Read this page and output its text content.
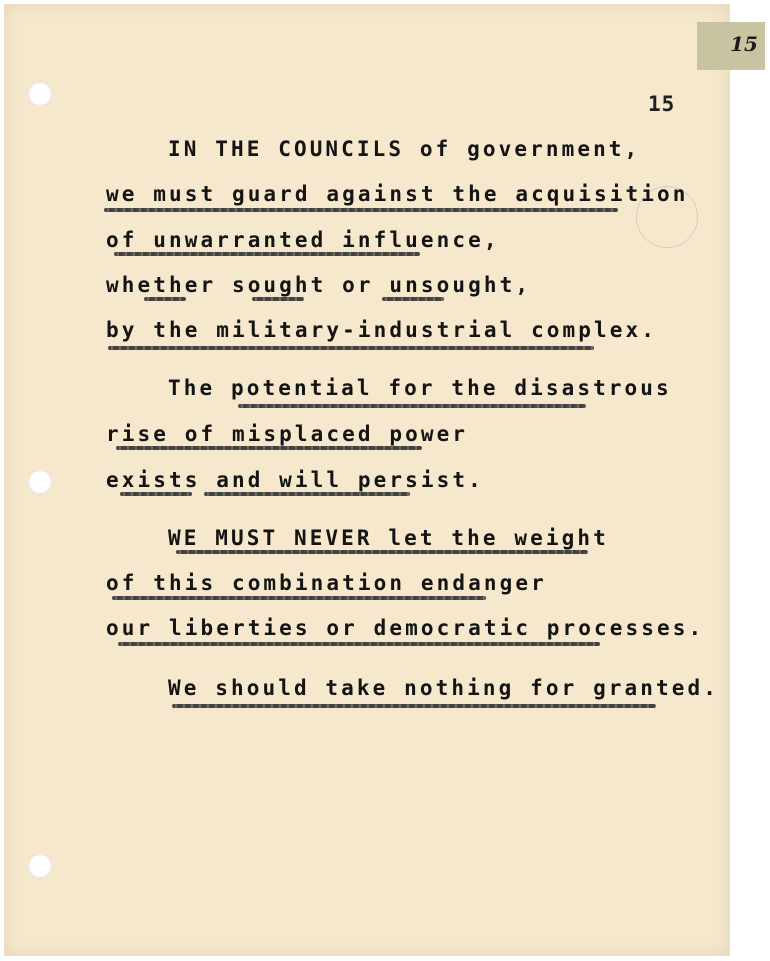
15
IN THE COUNCILS of government,
we must guard against the acquisition
of unwarranted influence,
whether sought or unsought,
by the military-industrial complex.
The potential for the disastrous
rise of misplaced power
exists and will persist.
WE MUST NEVER let the weight
of this combination endanger
our liberties or democratic processes.
We should take nothing for granted.
15
